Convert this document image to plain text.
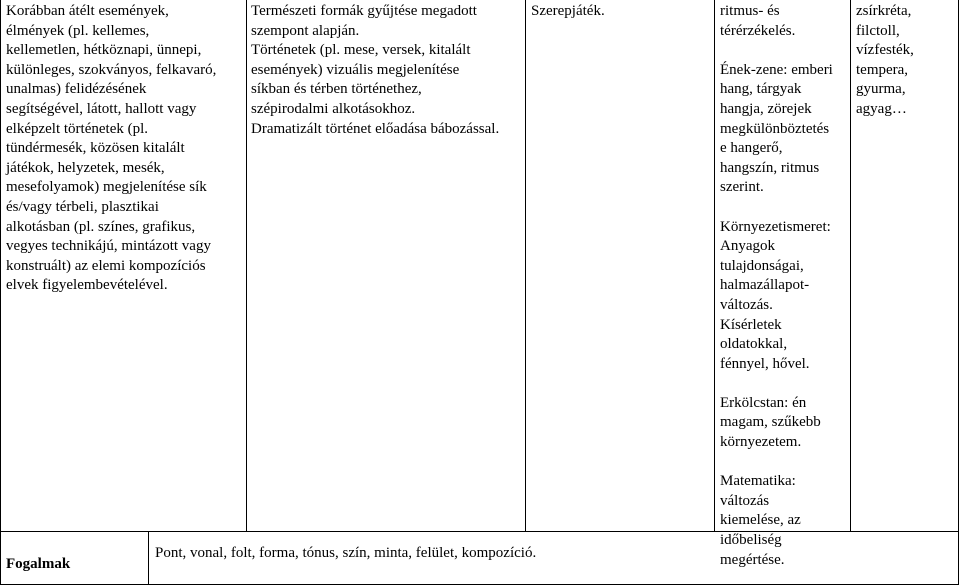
Korábban átélt események,
élmények (pl. kellemes,
kellemetlen, hétköznapi, ünnepi,
különleges, szokványos, felkavaró,
unalmas) felidézésének
segítségével, látott, hallott vagy
elképzelt történetek (pl.
tündérmesék, közösen kitalált
játékok, helyzetek, mesék,
mesefolyamok) megjelenítése sík
és/vagy térbeli, plasztikai
alkotásban (pl. színes, grafikus,
vegyes technikájú, mintázott vagy
konstruált) az elemi kompozíciós
elvek figyelembevételével.
Természeti formák gyűjtése megadott
szempont alapján.
Történetek (pl. mese, versek, kitalált
események) vizuális megjelenítése
síkban és térben történethez,
szépirodalmi alkotásokhoz.
Dramatizált történet előadása bábozással.
Szerepjáték.	ritmus- és
térérzékelés.
Ének-zene: emberi
hang, tárgyak
hangja, zörejek
megkülönböztetés
e hangerő,
hangszín, ritmus
szerint.
Környezetismeret:
Anyagok
tulajdonságai,
halmazállapot-
változás.
Kísérletek
oldatokkal,
fénnyel, hővel.
Erkölcstan: én
magam, szűkebb
környezetem.
Matematika:
változás
kiemelése, az
időbeliség
megértése.
zsírkréta,
filctoll,
vízfesték,
tempera,
gyurma,
agyag…
Fogalmak
Pont, vonal, folt, forma, tónus, szín, minta, felület, kompozíció.
